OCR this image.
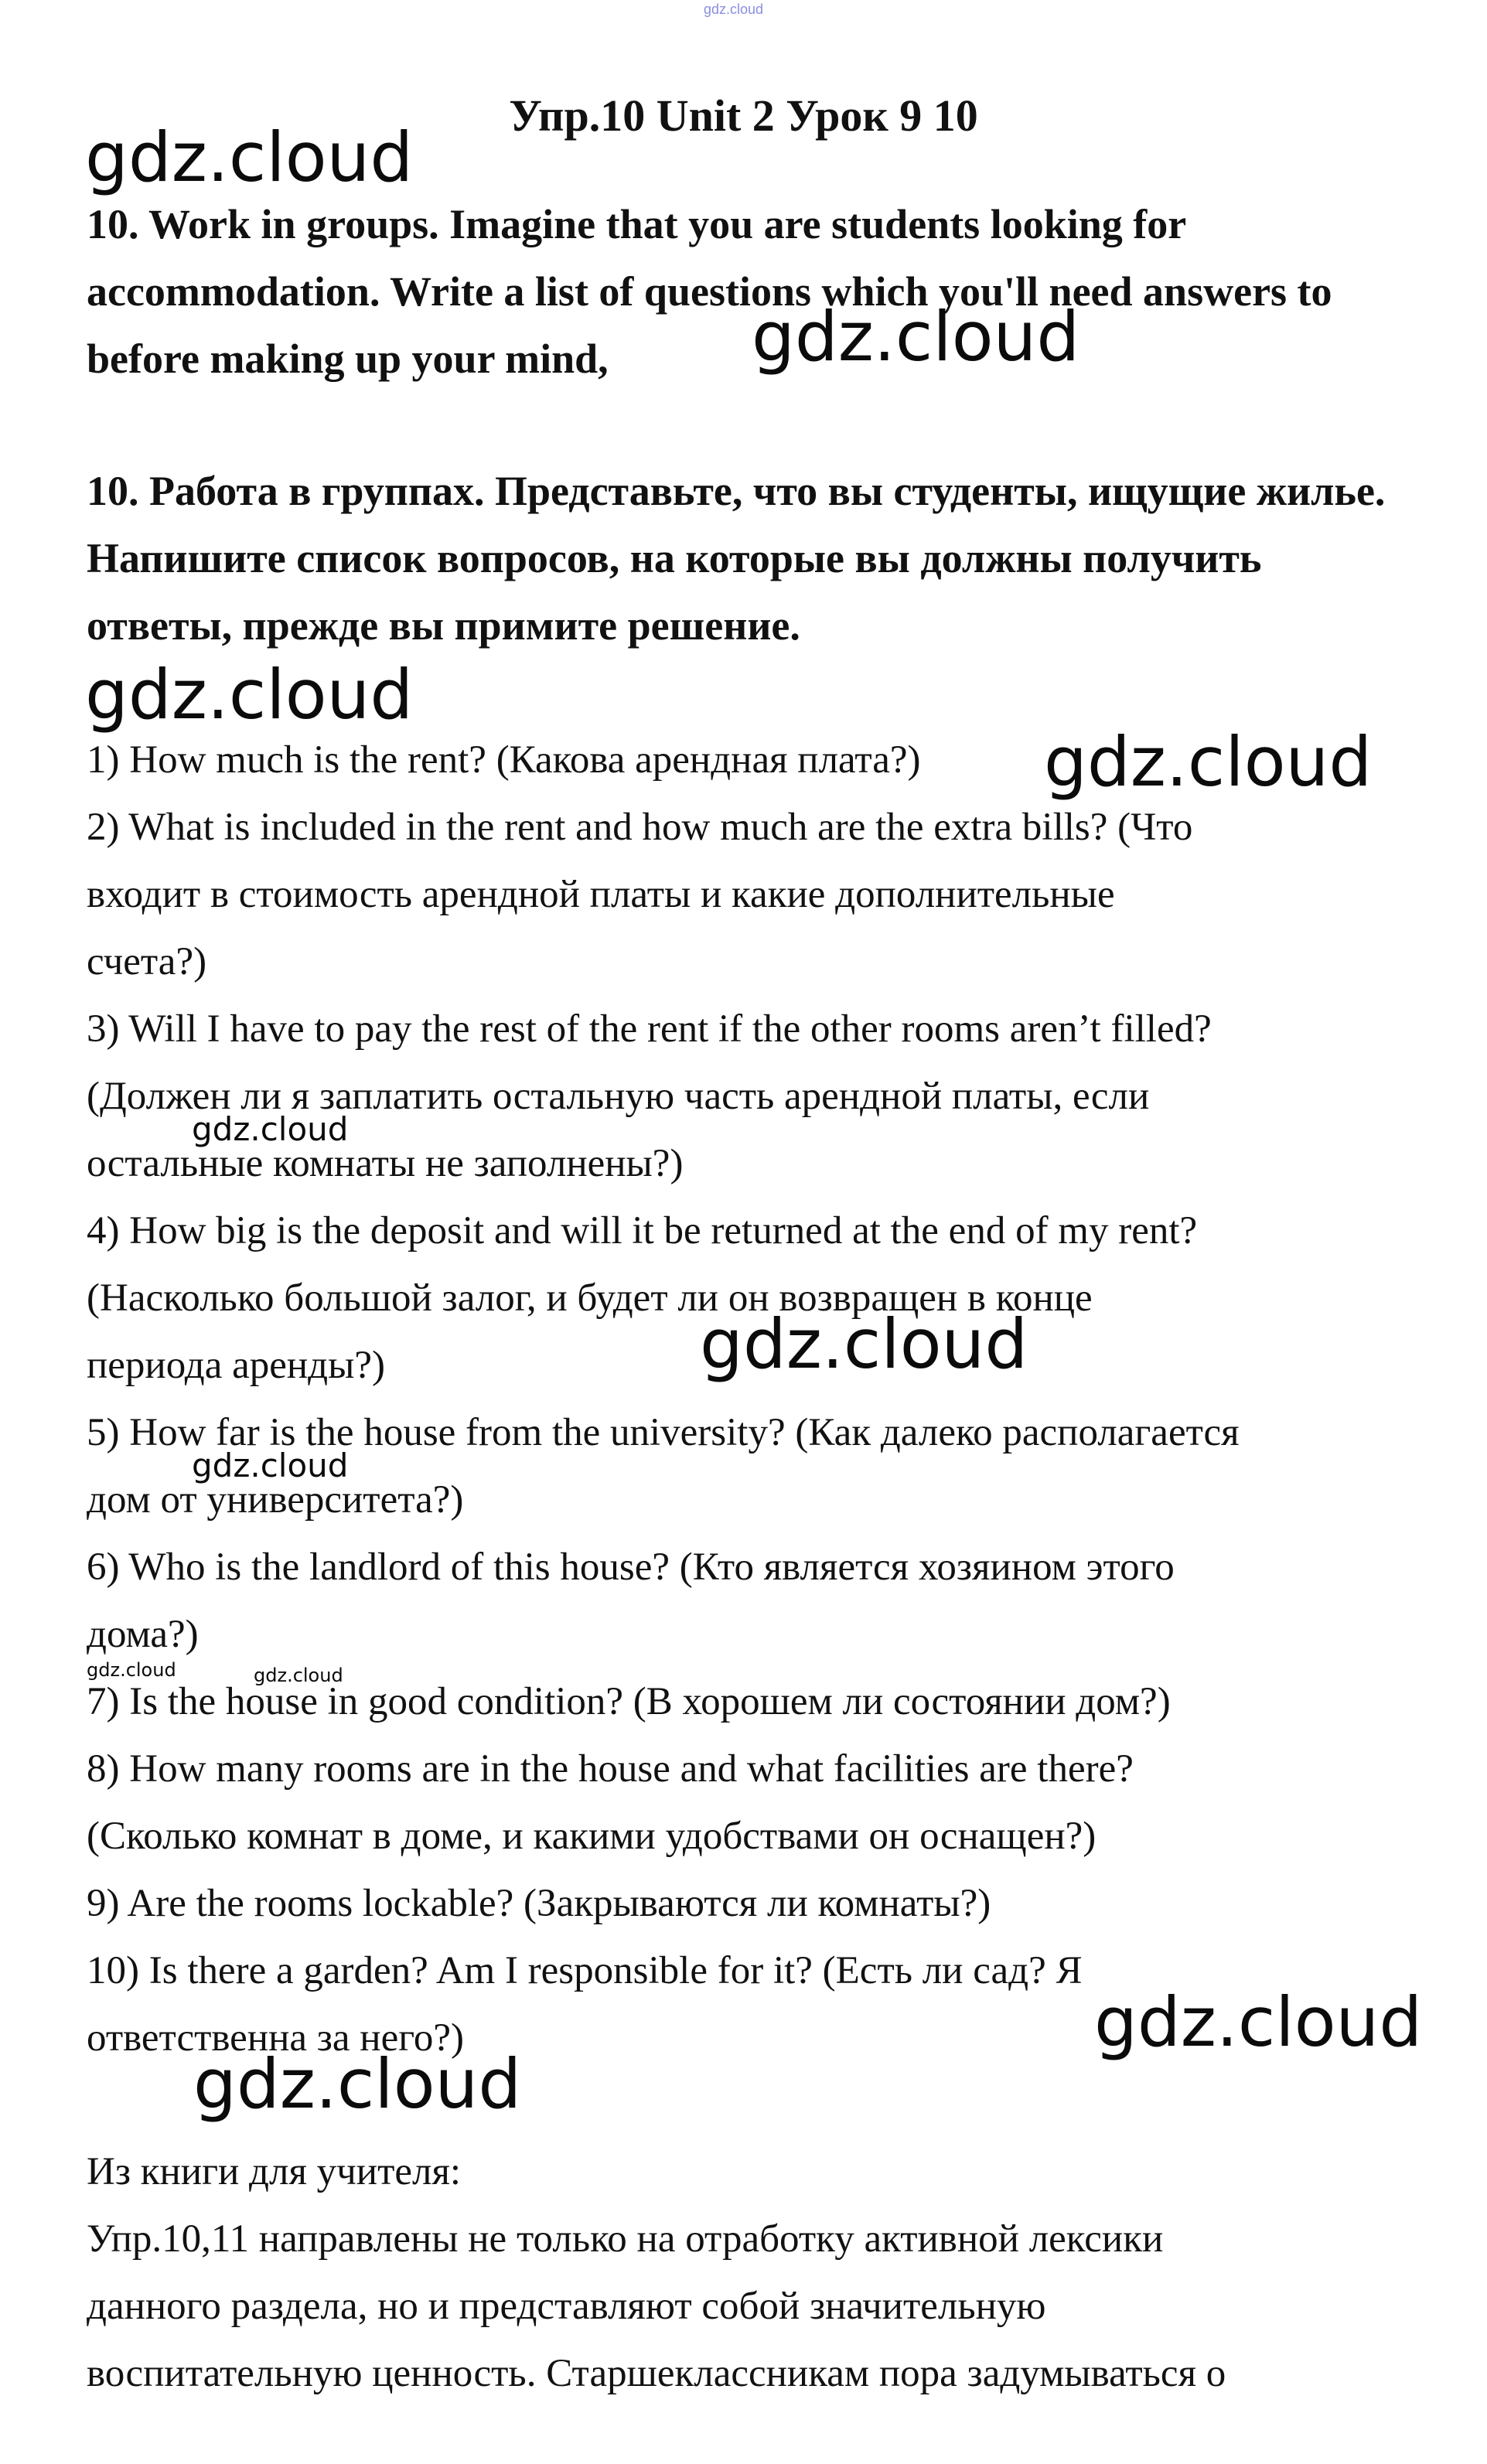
gdz.cloud
Упр.10 Unit 2 Урок 9 10
10. Work in groups. Imagine that you are students looking for accommodation. Write a list of questions which you'll need answers to before making up your mind,
10. Работа в группах. Представьте, что вы студенты, ищущие жилье. Напишите список вопросов, на которые вы должны получить ответы, прежде вы примите решение.
1) How much is the rent? (Какова арендная плата?)
2) What is included in the rent and how much are the extra bills? (Что
входит в стоимость арендной платы и какие дополнительные
счета?)
3) Will I have to pay the rest of the rent if the other rooms aren’t filled?
(Должен ли я заплатить остальную часть арендной платы, если
остальные комнаты не заполнены?)
4) How big is the deposit and will it be returned at the end of my rent?
(Насколько большой залог, и будет ли он возвращен в конце
периода аренды?)
5) How far is the house from the university? (Как далеко располагается
дом от университета?)
6) Who is the landlord of this house? (Кто является хозяином этого
дома?)
7) Is the house in good condition? (В хорошем ли состоянии дом?)
8) How many rooms are in the house and what facilities are there?
(Сколько комнат в доме, и какими удобствами он оснащен?)
9) Are the rooms lockable? (Закрываются ли комнаты?)
10) Is there a garden? Am I responsible for it? (Есть ли сад? Я
ответственна за него?)
Из книги для учителя:
Упр.10,11 направлены не только на отработку активной лексики
данного раздела, но и представляют собой значительную
воспитательную ценность. Старшеклассникам пора задумываться о
gdz.cloud
gdz.cloud
gdz.cloud
gdz.cloud
gdz.cloud
gdz.cloud
gdz.cloud
gdz.cloud	gdz.cloud
gdz.cloud
gdz.cloud
